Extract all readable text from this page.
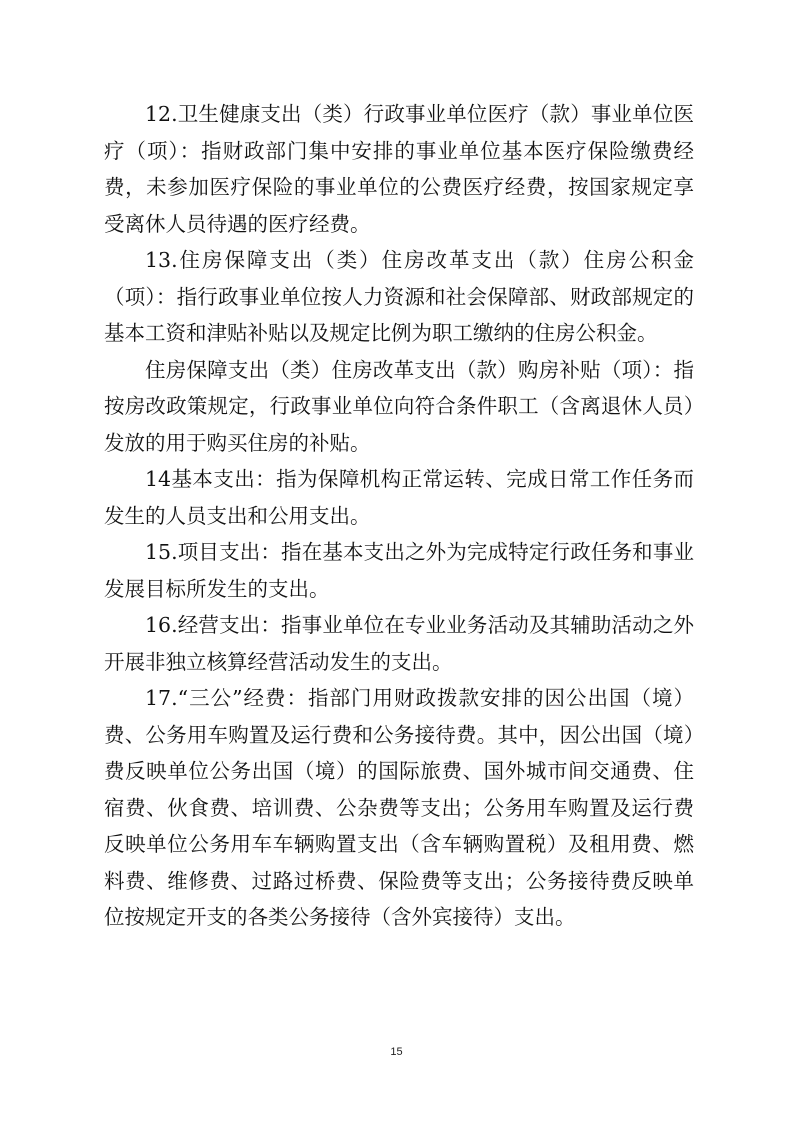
12.卫生健康支出（类）行政事业单位医疗（款）事业单位医疗（项）：指财政部门集中安排的事业单位基本医疗保险缴费经费，未参加医疗保险的事业单位的公费医疗经费，按国家规定享受离休人员待遇的医疗经费。

13.住房保障支出（类）住房改革支出（款）住房公积金（项）：指行政事业单位按人力资源和社会保障部、财政部规定的基本工资和津贴补贴以及规定比例为职工缴纳的住房公积金。

住房保障支出（类）住房改革支出（款）购房补贴（项）：指按房改政策规定，行政事业单位向符合条件职工（含离退休人员）发放的用于购买住房的补贴。

14基本支出：指为保障机构正常运转、完成日常工作任务而发生的人员支出和公用支出。

15.项目支出：指在基本支出之外为完成特定行政任务和事业发展目标所发生的支出。

16.经营支出：指事业单位在专业业务活动及其辅助活动之外开展非独立核算经营活动发生的支出。

17.“三公”经费：指部门用财政拨款安排的因公出国（境）费、公务用车购置及运行费和公务接待费。其中，因公出国（境）费反映单位公务出国（境）的国际旅费、国外城市间交通费、住宿费、伙食费、培训费、公杂费等支出；公务用车购置及运行费反映单位公务用车车辆购置支出（含车辆购置税）及租用费、燃料费、维修费、过路过桥费、保险费等支出；公务接待费反映单位按规定开支的各类公务接待（含外宾接待）支出。

15
